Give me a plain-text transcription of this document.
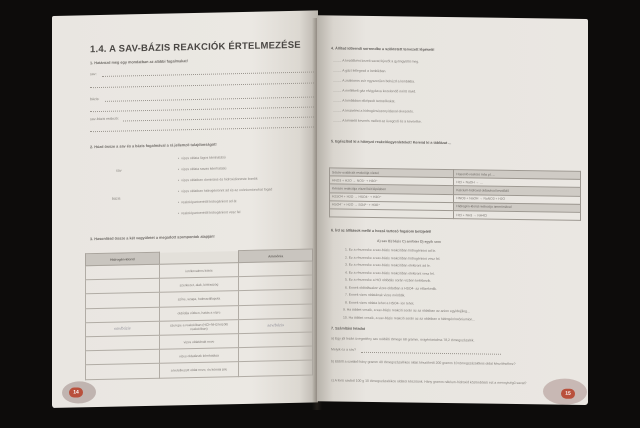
1.4. A SAV-BÁZIS REAKCIÓK ÉRTELMEZÉSE
1. Határozd meg egy mondatban az alábbi fogalmakat!
sav:
bázis:
sav-bázis reakció:
2. Húzd össze a sav és a bázis fogalmával a rá jellemző tulajdonságot!
sav
bázis
• vizes oldata lúgos kémhatású
• vizes oldata savas kémhatású
• vizes oldatban domináns és hidroxidioneste bomlik
• vizes oldatban hidrogénionnt ad és az oxóniumionokat fogad
• reakciópartnerétől hidrogéniont ad át
• reakciópartnerétől hidrogéniont vesz fel
3. Hasonlítsd össze a két vegyületet a megadott szempontok alapján!
Hidrogén-klorid		Ammónia
	ion/kovalens kötés	
	szerkezet, alak, kötésszög	
	színe, szaga, halmazállapota	
	oldódás vízben, hatás a vízre	
sav/bázis	szerepe a reakcióban (HCl+NH3 közötti reakcióban)	sav/bázis
	vizes oldatának neve	
	vizes oldatának kémhatása	
	a keletkezett oldat neve, és kémiai jele	
14
4. Állítsd időrendi sorrendbe a szöktetett tervezett lépéseit!
......... A kezdőként kezelt savat fejezőt a gyöngyölöt meg.
......... A gázt fellegesd a lombikban.
......... A zsaktoros zsír egyszerűen behúzd a lombikba.
......... A mellékelt gáz elvigyázva kezelendő mérő rövid.
......... A lombikban elképzelt tartozékokat.
......... A tesztelést a hidrogénviszonyítással elvezetés.
......... A kémlelő keverés mellett az üvegcső és a keveréke.
5. Egészítsd ki a hiányzó reakcióegyenleteket! Keresd ki a táblázat ...
Sósav-oxidációt reakciója vízzel	Hasonló reakció más pl. ...
HNO3 + H2O → NO3⁻ + H3O⁺	HCl + NaOH → ...
Kénsav reakciója vízzel két lépésben	Kalcium-hidroxid oldásával kezdődő
H2SO4 + H2O → HSO4⁻ + H3O⁺	HNO3 + NaOH → NaNO3 + H2O
HSO4⁻ + H2O → SO4²⁻ + H3O⁺	Hidrogén-klorid reakciója ammóniával
	HCl + NH3 → NH4Cl
6. Írd az állítások mellé a hozzá tartozó fogalom betűjelét!
A) sav B) bázis C) amfoter D) egyik sem
1. Ez a részecske a sav-bázis reakcióban hidrogéniont ad le.
2. Ez a részecske a sav-bázis reakcióban hidrogéniont vesz fel.
3. Ez a részecske a sav-bázis reakcióban elektront ad le.
4. Ez a részecske a sav-bázis reakcióban elektront vesz fel.
5. Ez a részecske a HCl oldódás során vízben keletkezik.
6. Ennek oldódásakor vizes oldatban a HSO4- az előzekedik.
7. Ennek vizes oldatának vizes mérődik.
8. Ennek vizes oldata lehet a HSO4- ion lehet.
9. Ha többet veszik, a sav-bázis reakció során az az oldatban az anion egyidejűleg...
10. Ha többet veszik, a sav-bázis reakció során az az oldatban a hidrogén/oxóniumion...
7. Számítási feladat
a) Egy jól lezárt üvegedény sav oxidáló tömege 68 gramm, oxigéntartalma 78,2 tömegszázalék.
Melyik ez a sav?
b) Ebből a szebbő hány gramm 40 tömegszázalékos oldat készíthető 200 gramm 10 tömegszázalékos oldat készítéséhez?
c) A fenti savból 100 g 10 tömegszázalékos oldatot készítünk. Hány gramm nátrium-hidroxid közömbösíti ezt a mennyiségű savat?
15
